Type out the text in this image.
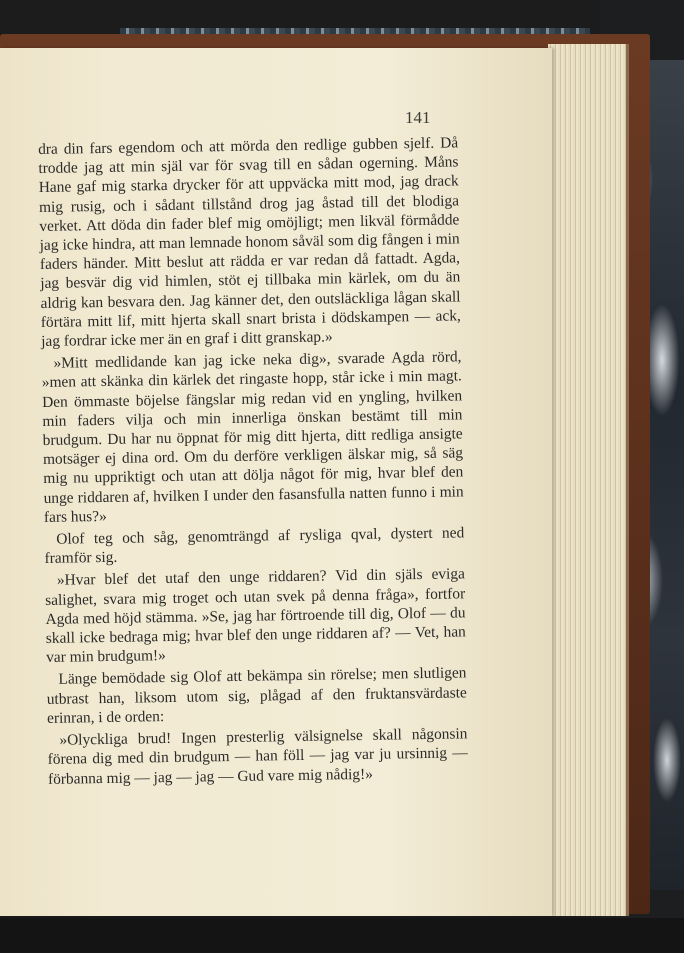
141

dra din fars egendom och att mörda den redlige gubben sjelf. Då trodde jag att min själ var för svag till en sådan ogerning. Måns Hane gaf mig starka drycker för att uppväcka mitt mod, jag drack mig rusig, och i sådant tillstånd drog jag åstad till det blodiga verket. Att döda din fader blef mig omöjligt; men likväl förmådde jag icke hindra, att man lemnade honom såväl som dig fången i min faders händer. Mitt beslut att rädda er var redan då fattadt. Agda, jag besvär dig vid himlen, stöt ej tillbaka min kärlek, om du än aldrig kan besvara den. Jag känner det, den outsläckliga lågan skall förtära mitt lif, mitt hjerta skall snart brista i dödskampen — ack, jag fordrar icke mer än en graf i ditt granskap.»

»Mitt medlidande kan jag icke neka dig», svarade Agda rörd, »men att skänka din kärlek det ringaste hopp, står icke i min magt. Den ömmaste böjelse fängslar mig redan vid en yngling, hvilken min faders vilja och min innerliga önskan bestämt till min brudgum. Du har nu öppnat för mig ditt hjerta, ditt redliga ansigte motsäger ej dina ord. Om du derföre verkligen älskar mig, så säg mig nu uppriktigt och utan att dölja något för mig, hvar blef den unge riddaren af, hvilken I under den fasansfulla natten funno i min fars hus?»

Olof teg och såg, genomträngd af rysliga qval, dystert ned framför sig.

»Hvar blef det utaf den unge riddaren? Vid din själs eviga salighet, svara mig troget och utan svek på denna fråga», fortfor Agda med höjd stämma. »Se, jag har förtroende till dig, Olof — du skall icke bedraga mig; hvar blef den unge riddaren af? — Vet, han var min brudgum!»

Länge bemödade sig Olof att bekämpa sin rörelse; men slutligen utbrast han, liksom utom sig, plågad af den fruktansvärdaste erinran, i de orden:

»Olyckliga brud! Ingen presterlig välsignelse skall någonsin förena dig med din brudgum — han föll — jag var ju ursinnig — förbanna mig — jag — jag — Gud vare mig nådig!»
